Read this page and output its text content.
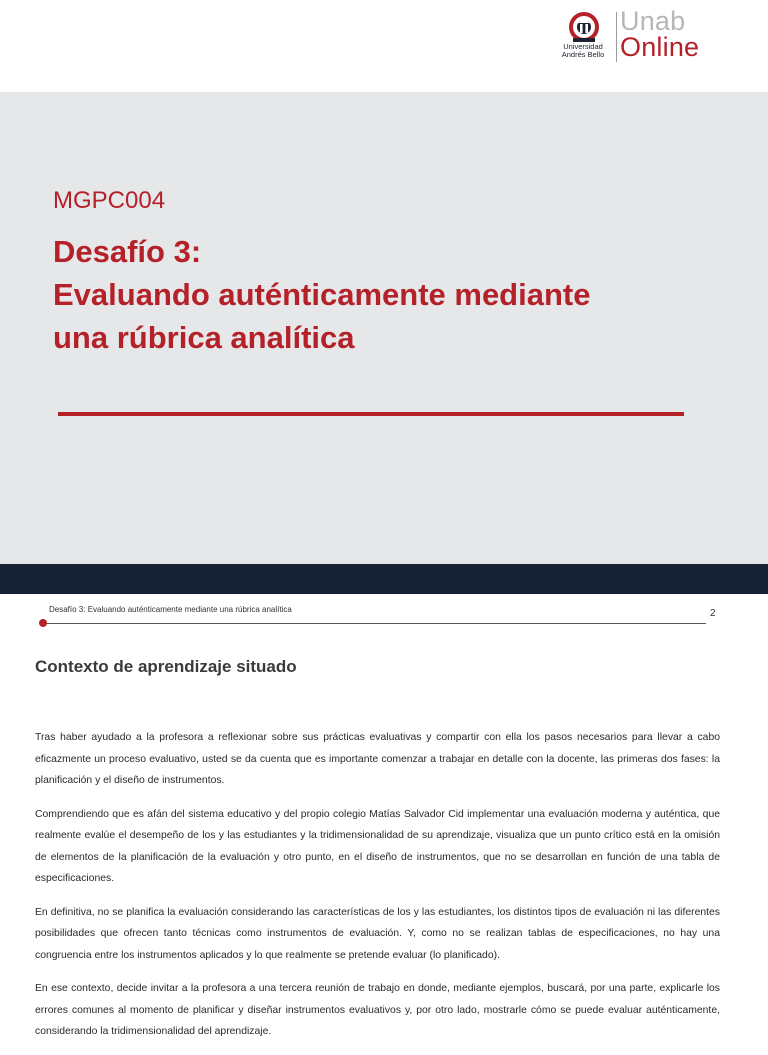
Universidad
Andrés Bello
Unab
Online
MGPC004
Desafío 3:
Evaluando auténticamente mediante
una rúbrica analítica
Desafío 3: Evaluando auténticamente mediante una rúbrica analítica	2
Contexto de aprendizaje situado

Tras haber ayudado a la profesora a reflexionar sobre sus prácticas evaluativas y compartir con ella los pasos necesarios para llevar a cabo eficazmente un proceso evaluativo, usted se da cuenta que es importante comenzar a trabajar en detalle con la docente, las primeras dos fases: la planificación y el diseño de instrumentos.

Comprendiendo que es afán del sistema educativo y del propio colegio Matías Salvador Cid implementar una evaluación moderna y auténtica, que realmente evalúe el desempeño de los y las estudiantes y la tridimensionalidad de su aprendizaje, visualiza que un punto crítico está en la omisión de elementos de la planificación de la evaluación y otro punto, en el diseño de instrumentos, que no se desarrollan en función de una tabla de especificaciones.

En definitiva, no se planifica la evaluación considerando las características de los y las estudiantes, los distintos tipos de evaluación ni las diferentes posibilidades que ofrecen tanto técnicas como instrumentos de evaluación. Y, como no se realizan tablas de especificaciones, no hay una congruencia entre los instrumentos aplicados y lo que realmente se pretende evaluar (lo planificado).

En ese contexto, decide invitar a la profesora a una tercera reunión de trabajo en donde, mediante ejemplos, buscará, por una parte, explicarle los errores comunes al momento de planificar y diseñar instrumentos evaluativos y, por otro lado, mostrarle cómo se puede evaluar auténticamente, considerando la tridimensionalidad del aprendizaje.
